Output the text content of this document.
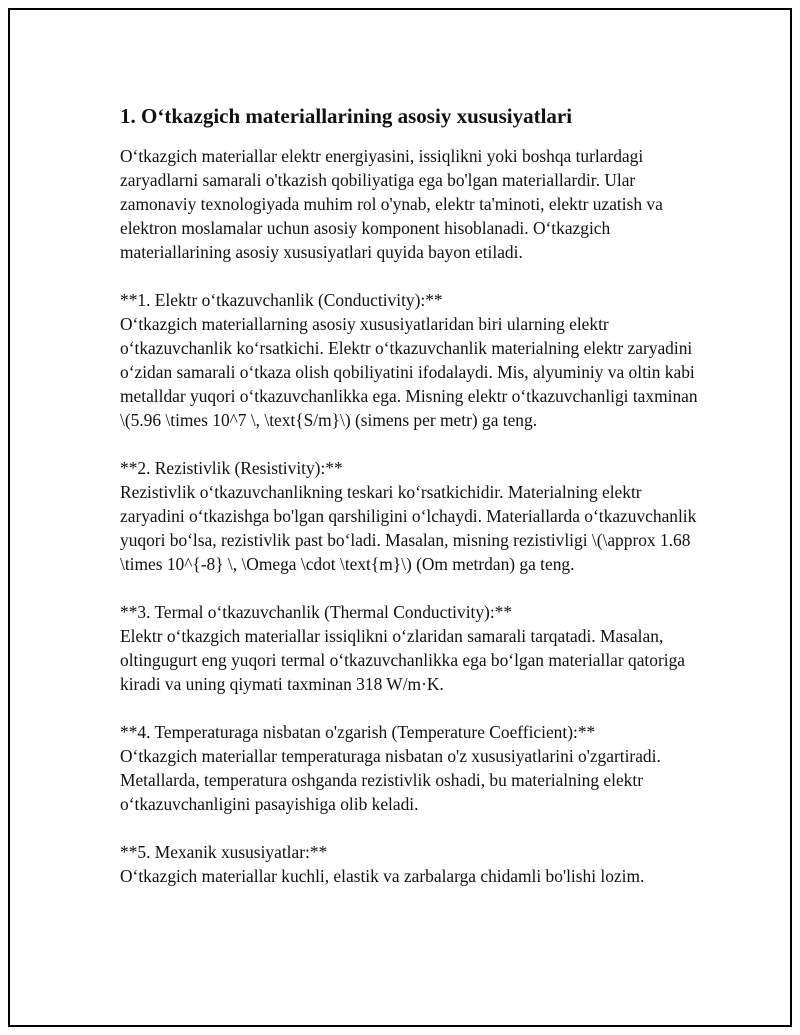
1. O‘tkazgich materiallarining asosiy xususiyatlari

O‘tkazgich materiallar elektr energiyasini, issiqlikni yoki boshqa turlardagi zaryadlarni samarali o'tkazish qobiliyatiga ega bo'lgan materiallardir. Ular zamonaviy texnologiyada muhim rol o'ynab, elektr ta'minoti, elektr uzatish va elektron moslamalar uchun asosiy komponent hisoblanadi. O‘tkazgich materiallarining asosiy xususiyatlari quyida bayon etiladi.

**1. Elektr o‘tkazuvchanlik (Conductivity):**
O‘tkazgich materiallarning asosiy xususiyatlaridan biri ularning elektr o‘tkazuvchanlik ko‘rsatkichi. Elektr o‘tkazuvchanlik materialning elektr zaryadini o‘zidan samarali o‘tkaza olish qobiliyatini ifodalaydi. Mis, alyuminiy va oltin kabi metalldar yuqori o‘tkazuvchanlikka ega. Misning elektr o‘tkazuvchanligi taxminan \(5.96 \times 10^7 \, \text{S/m}\) (simens per metr) ga teng.

**2. Rezistivlik (Resistivity):**
Rezistivlik o‘tkazuvchanlikning teskari ko‘rsatkichidir. Materialning elektr zaryadini o‘tkazishga bo'lgan qarshiligini o‘lchaydi. Materiallarda o‘tkazuvchanlik yuqori bo‘lsa, rezistivlik past bo‘ladi. Masalan, misning rezistivligi \(\approx 1.68 \times 10^{-8} \, \Omega \cdot \text{m}\) (Om metrdan) ga teng.

**3. Termal o‘tkazuvchanlik (Thermal Conductivity):**
Elektr o‘tkazgich materiallar issiqlikni o‘zlaridan samarali tarqatadi. Masalan, oltingugurt eng yuqori termal o‘tkazuvchanlikka ega bo‘lgan materiallar qatoriga kiradi va uning qiymati taxminan 318 W/m·K.

**4. Temperaturaga nisbatan o'zgarish (Temperature Coefficient):**
O‘tkazgich materiallar temperaturaga nisbatan o'z xususiyatlarini o'zgartiradi. Metallarda, temperatura oshganda rezistivlik oshadi, bu materialning elektr o‘tkazuvchanligini pasayishiga olib keladi.

**5. Mexanik xususiyatlar:**
O‘tkazgich materiallar kuchli, elastik va zarbalarga chidamli bo'lishi lozim.
